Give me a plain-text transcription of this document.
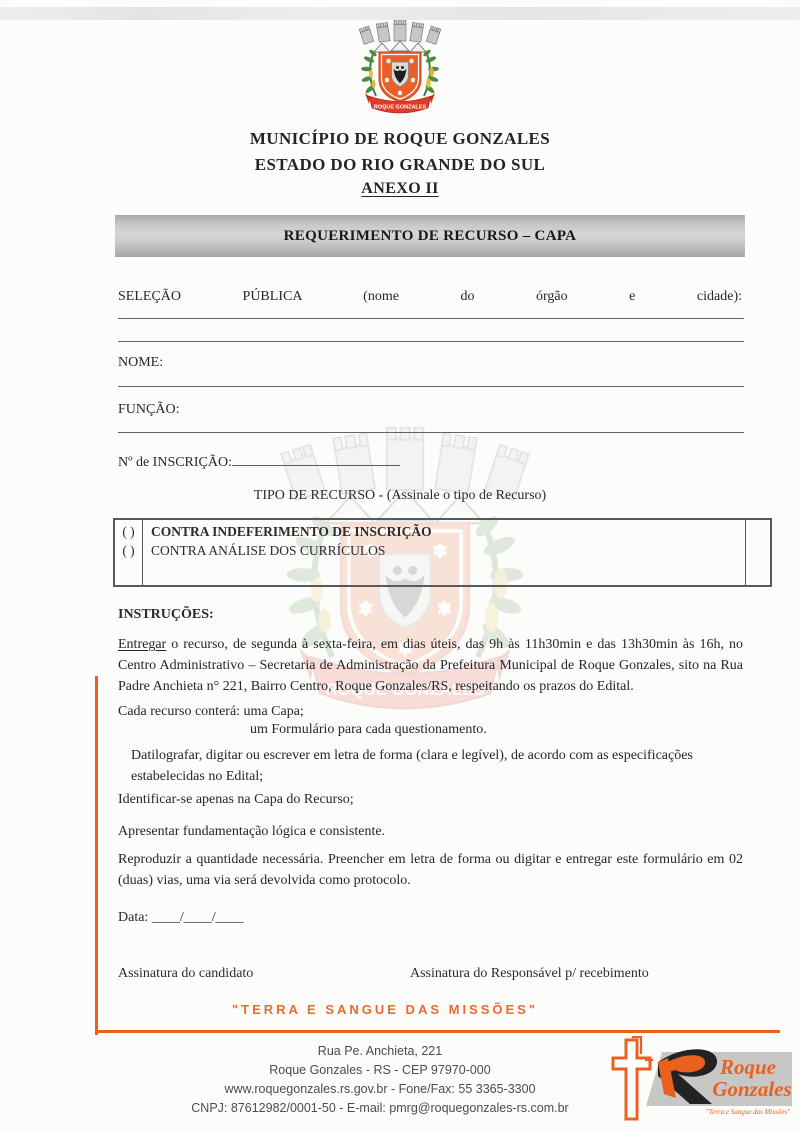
MUNICÍPIO DE ROQUE GONZALES
ESTADO DO RIO GRANDE DO SUL
ANEXO II
REQUERIMENTO DE RECURSO – CAPA
SELEÇÃO PÚBLICA (nome do órgão e cidade):
NOME:
FUNÇÃO:
Nº de INSCRIÇÃO:
TIPO DE RECURSO - (Assinale o tipo de Recurso)
( )
( )
CONTRA INDEFERIMENTO DE INSCRIÇÃO
CONTRA ANÁLISE DOS CURRÍCULOS
INSTRUÇÕES:
Entregar o recurso, de segunda à sexta-feira, em dias úteis, das 9h às 11h30min e das 13h30min às 16h, no Centro Administrativo – Secretaria de Administração da Prefeitura Municipal de Roque Gonzales, sito na Rua Padre Anchieta n° 221, Bairro Centro, Roque Gonzales/RS, respeitando os prazos do Edital.
Cada recurso conterá: uma Capa;
um Formulário para cada questionamento.
Datilografar, digitar ou escrever em letra de forma (clara e legível), de acordo com as especificações estabelecidas no Edital;
Identificar-se apenas na Capa do Recurso;
Apresentar fundamentação lógica e consistente.
Reproduzir a quantidade necessária. Preencher em letra de forma ou digitar e entregar este formulário em 02 (duas) vias, uma via será devolvida como protocolo.
Data: ____/____/____
Assinatura do candidato	Assinatura do Responsável p/ recebimento
"TERRA E SANGUE DAS MISSÕES"
Rua Pe. Anchieta, 221
Roque Gonzales - RS - CEP 97970-000
www.roquegonzales.rs.gov.br - Fone/Fax: 55 3365-3300
CNPJ: 87612982/0001-50 - E-mail: pmrg@roquegonzales-rs.com.br
Roque
Gonzales
"Terra e Sangue das Missões"
